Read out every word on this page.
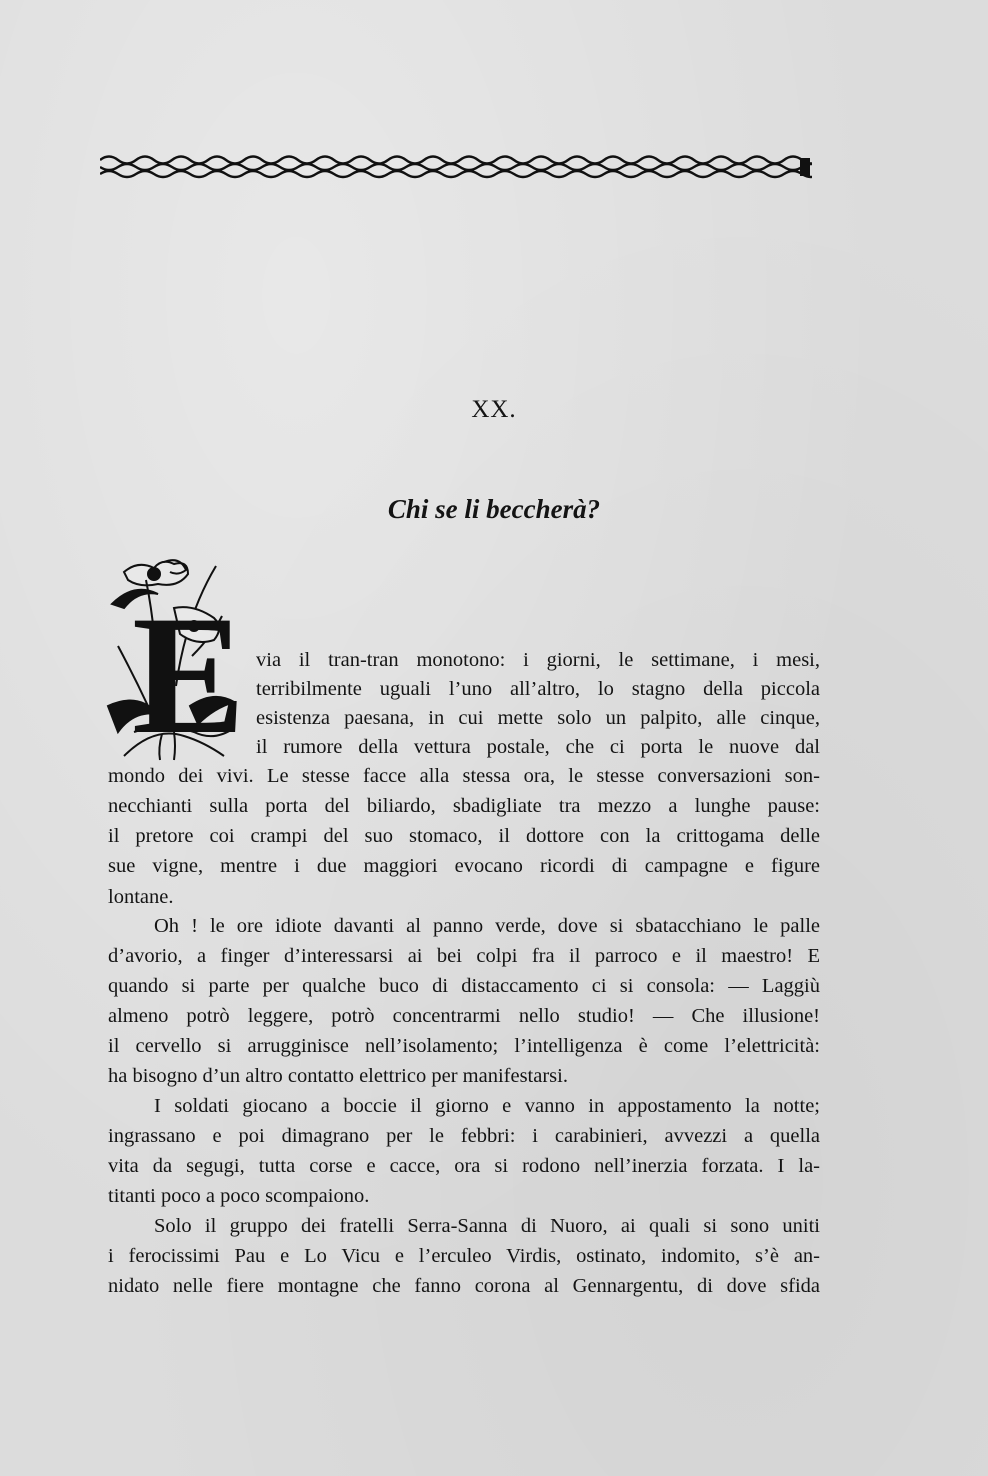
XX.
Chi se li beccherà?
E via il tran-tran monotono: i giorni, le settimane, i mesi,
terribilmente uguali l’uno all’altro, lo stagno della piccola
esistenza paesana, in cui mette solo un palpito, alle cinque,
il rumore della vettura postale, che ci porta le nuove dal
mondo dei vivi. Le stesse facce alla stessa ora, le stesse conversazioni son-
necchianti sulla porta del biliardo, sbadigliate tra mezzo a lunghe pause:
il pretore coi crampi del suo stomaco, il dottore con la crittogama delle
sue vigne, mentre i due maggiori evocano ricordi di campagne e figure
lontane.
Oh ! le ore idiote davanti al panno verde, dove si sbatacchiano le palle
d’avorio, a finger d’interessarsi ai bei colpi fra il parroco e il maestro! E
quando si parte per qualche buco di distaccamento ci si consola: — Laggiù
almeno potrò leggere, potrò concentrarmi nello studio! — Che illusione!
il cervello si arrugginisce nell’isolamento; l’intelligenza è come l’elettricità:
ha bisogno d’un altro contatto elettrico per manifestarsi.
I soldati giocano a boccie il giorno e vanno in appostamento la notte;
ingrassano e poi dimagrano per le febbri: i carabinieri, avvezzi a quella
vita da segugi, tutta corse e cacce, ora si rodono nell’inerzia forzata. I la-
titanti poco a poco scompaiono.
Solo il gruppo dei fratelli Serra-Sanna di Nuoro, ai quali si sono uniti
i ferocissimi Pau e Lo Vicu e l’erculeo Virdis, ostinato, indomito, s’è an-
nidato nelle fiere montagne che fanno corona al Gennargentu, di dove sfida
